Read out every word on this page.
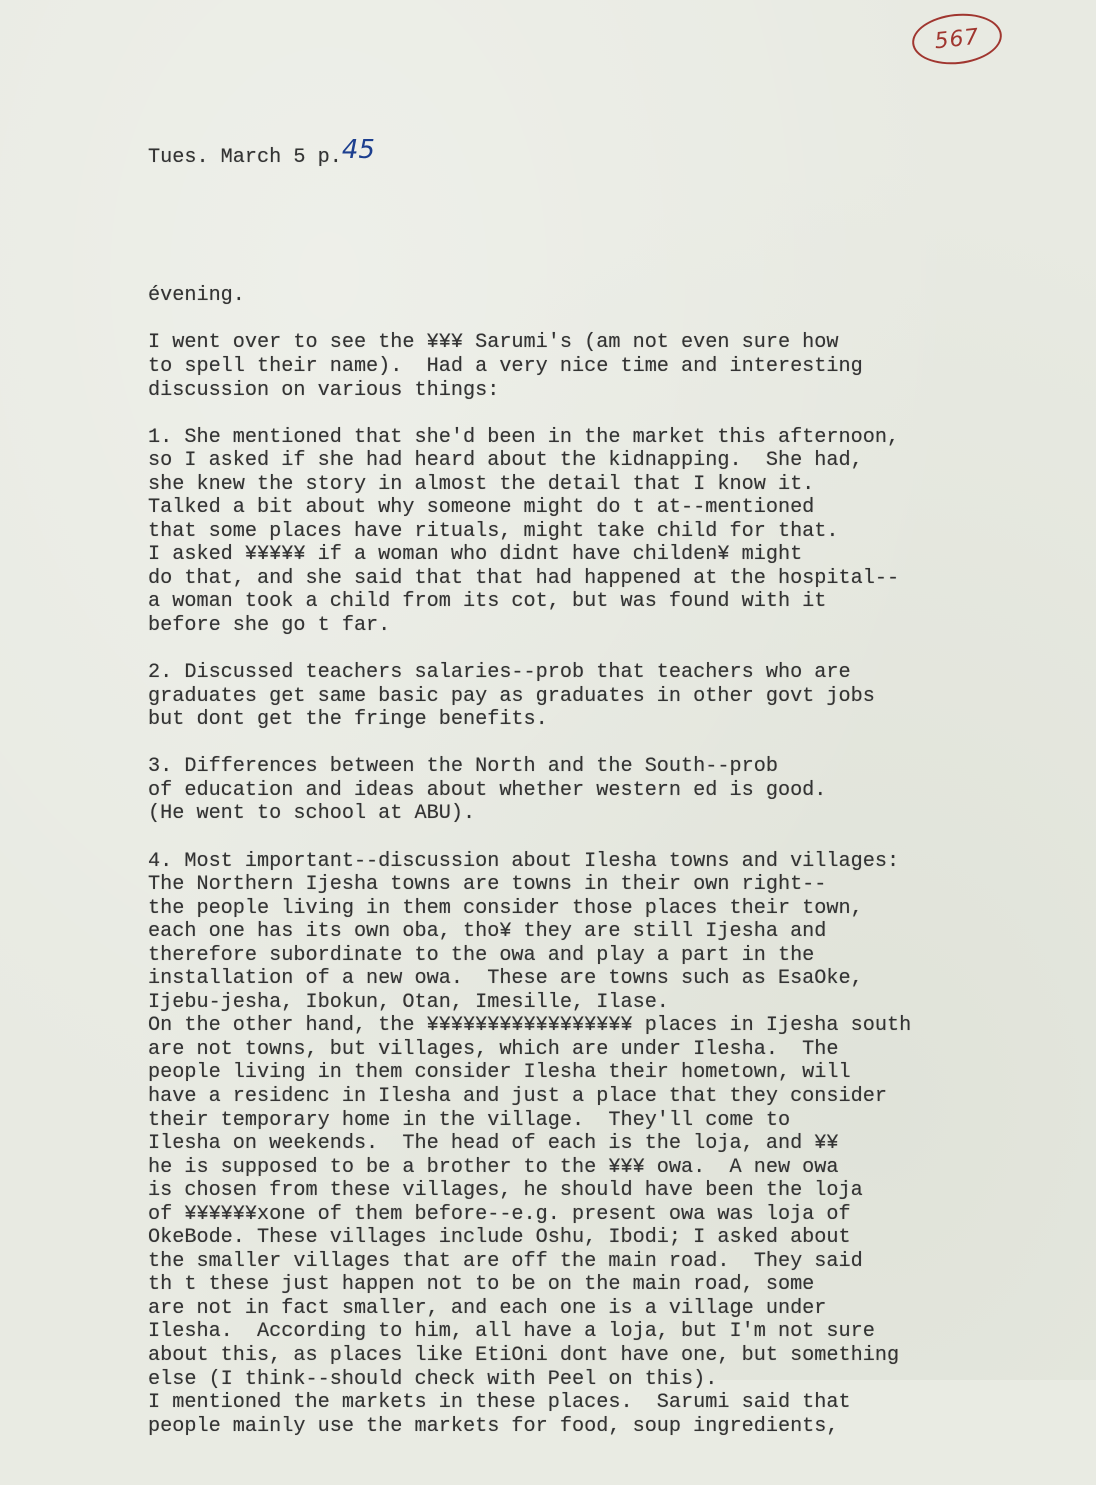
567

Tues. March 5 p.45

évening.
I went over to see the ¥¥¥ Sarumi's (am not even sure how
to spell their name).  Had a very nice time and interesting
discussion on various things:
1. She mentioned that she'd been in the market this afternoon,
so I asked if she had heard about the kidnapping.  She had,
she knew the story in almost the detail that I know it.
Talked a bit about why someone might do t at--mentioned
that some places have rituals, might take child for that.
I asked ¥¥¥¥¥ if a woman who didnt have childen¥ might
do that, and she said that that had happened at the hospital--
a woman took a child from its cot, but was found with it
before she go t far.
2. Discussed teachers salaries--prob that teachers who are
graduates get same basic pay as graduates in other govt jobs
but dont get the fringe benefits.
3. Differences between the North and the South--prob
of education and ideas about whether western ed is good.
(He went to school at ABU).
4. Most important--discussion about Ilesha towns and villages:
The Northern Ijesha towns are towns in their own right--
the people living in them consider those places their town,
each one has its own oba, tho¥ they are still Ijesha and
therefore subordinate to the owa and play a part in the
installation of a new owa.  These are towns such as EsaOke,
Ijebu-jesha, Ibokun, Otan, Imesille, Ilase.
On the other hand, the ¥¥¥¥¥¥¥¥¥¥¥¥¥¥¥¥¥ places in Ijesha south
are not towns, but villages, which are under Ilesha.  The
people living in them consider Ilesha their hometown, will
have a residenc in Ilesha and just a place that they consider
their temporary home in the village.  They'll come to
Ilesha on weekends.  The head of each is the loja, and ¥¥
he is supposed to be a brother to the ¥¥¥ owa.  A new owa
is chosen from these villages, he should have been the loja
of ¥¥¥¥¥¥xone of them before--e.g. present owa was loja of
OkeBode. These villages include Oshu, Ibodi; I asked about
the smaller villages that are off the main road.  They said
th t these just happen not to be on the main road, some
are not in fact smaller, and each one is a village under
Ilesha.  According to him, all have a loja, but I'm not sure
about this, as places like EtiOni dont have one, but something
else (I think--should check with Peel on this).
I mentioned the markets in these places.  Sarumi said that
people mainly use the markets for food, soup ingredients,
